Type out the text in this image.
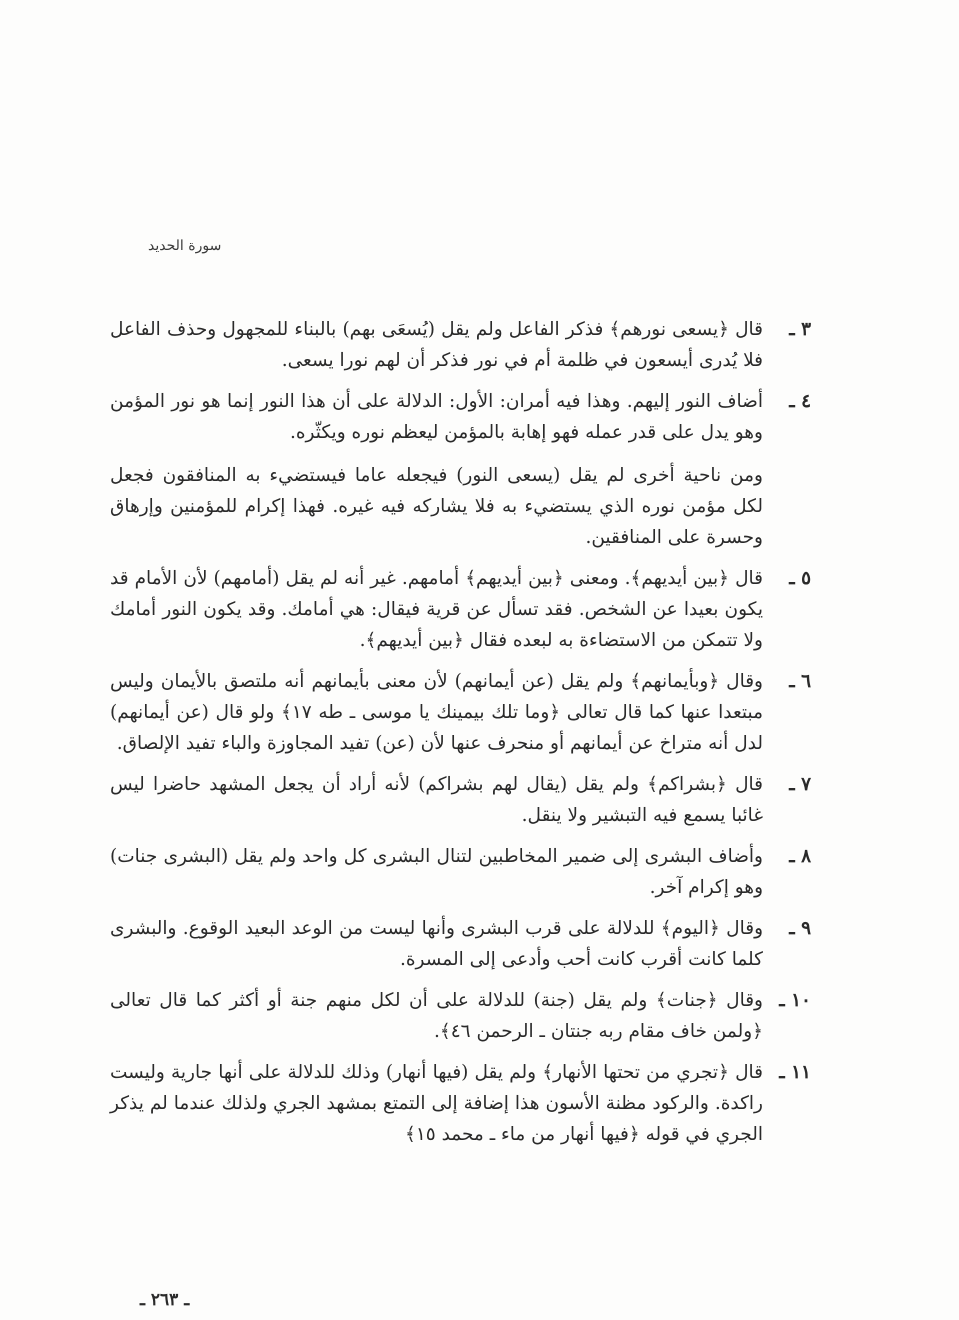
سورة الحديد
٣ ـ

قال ﴿يسعى نورهم﴾ فذكر الفاعل ولم يقل (يُسعَى بهم) بالبناء للمجهول وحذف الفاعل فلا يُدرى أيسعون في ظلمة أم في نور فذكر أن لهم نورا يسعى.

٤ ـ

أضاف النور إليهم. وهذا فيه أمران: الأول: الدلالة على أن هذا النور إنما هو نور المؤمن وهو يدل على قدر عمله فهو إهابة بالمؤمن ليعظم نوره ويكثّره.

ومن ناحية أخرى لم يقل (يسعى النور) فيجعله عاما فيستضيء به المنافقون فجعل لكل مؤمن نوره الذي يستضيء به فلا يشاركه فيه غيره. فهذا إكرام للمؤمنين وإرهاق وحسرة على المنافقين.

٥ ـ

قال ﴿بين أيديهم﴾. ومعنى ﴿بين أيديهم﴾ أمامهم. غير أنه لم يقل (أمامهم) لأن الأمام قد يكون بعيدا عن الشخص. فقد تسأل عن قرية فيقال: هي أمامك. وقد يكون النور أمامك ولا تتمكن من الاستضاءة به لبعده فقال ﴿بين أيديهم﴾.

٦ ـ

وقال ﴿وبأيمانهم﴾ ولم يقل (عن أيمانهم) لأن معنى بأيمانهم أنه ملتصق بالأيمان وليس مبتعدا عنها كما قال تعالى ﴿وما تلك بيمينك يا موسى ـ طه ١٧﴾ ولو قال (عن أيمانهم) لدل أنه متراخ عن أيمانهم أو منحرف عنها لأن (عن) تفيد المجاوزة والباء تفيد الإلصاق.

٧ ـ

قال ﴿بشراكم﴾ ولم يقل (يقال لهم بشراكم) لأنه أراد أن يجعل المشهد حاضرا ليس غائبا يسمع فيه التبشير ولا ينقل.

٨ ـ

وأضاف البشرى إلى ضمير المخاطبين لتنال البشرى كل واحد ولم يقل (البشرى جنات) وهو إكرام آخر.

٩ ـ

وقال ﴿اليوم﴾ للدلالة على قرب البشرى وأنها ليست من الوعد البعيد الوقوع. والبشرى كلما كانت أقرب كانت أحب وأدعى إلى المسرة.

١٠ ـ

وقال ﴿جنات﴾ ولم يقل (جنة) للدلالة على أن لكل منهم جنة أو أكثر كما قال تعالى ﴿ولمن خاف مقام ربه جنتان ـ الرحمن ٤٦﴾.

١١ ـ

قال ﴿تجري من تحتها الأنهار﴾ ولم يقل (فيها أنهار) وذلك للدلالة على أنها جارية وليست راكدة. والركود مظنة الأسون هذا إضافة إلى التمتع بمشهد الجري ولذلك عندما لم يذكر الجري في قوله ﴿فيها أنهار من ماء ـ محمد ١٥﴾

ـ ٢٦٣ ـ
